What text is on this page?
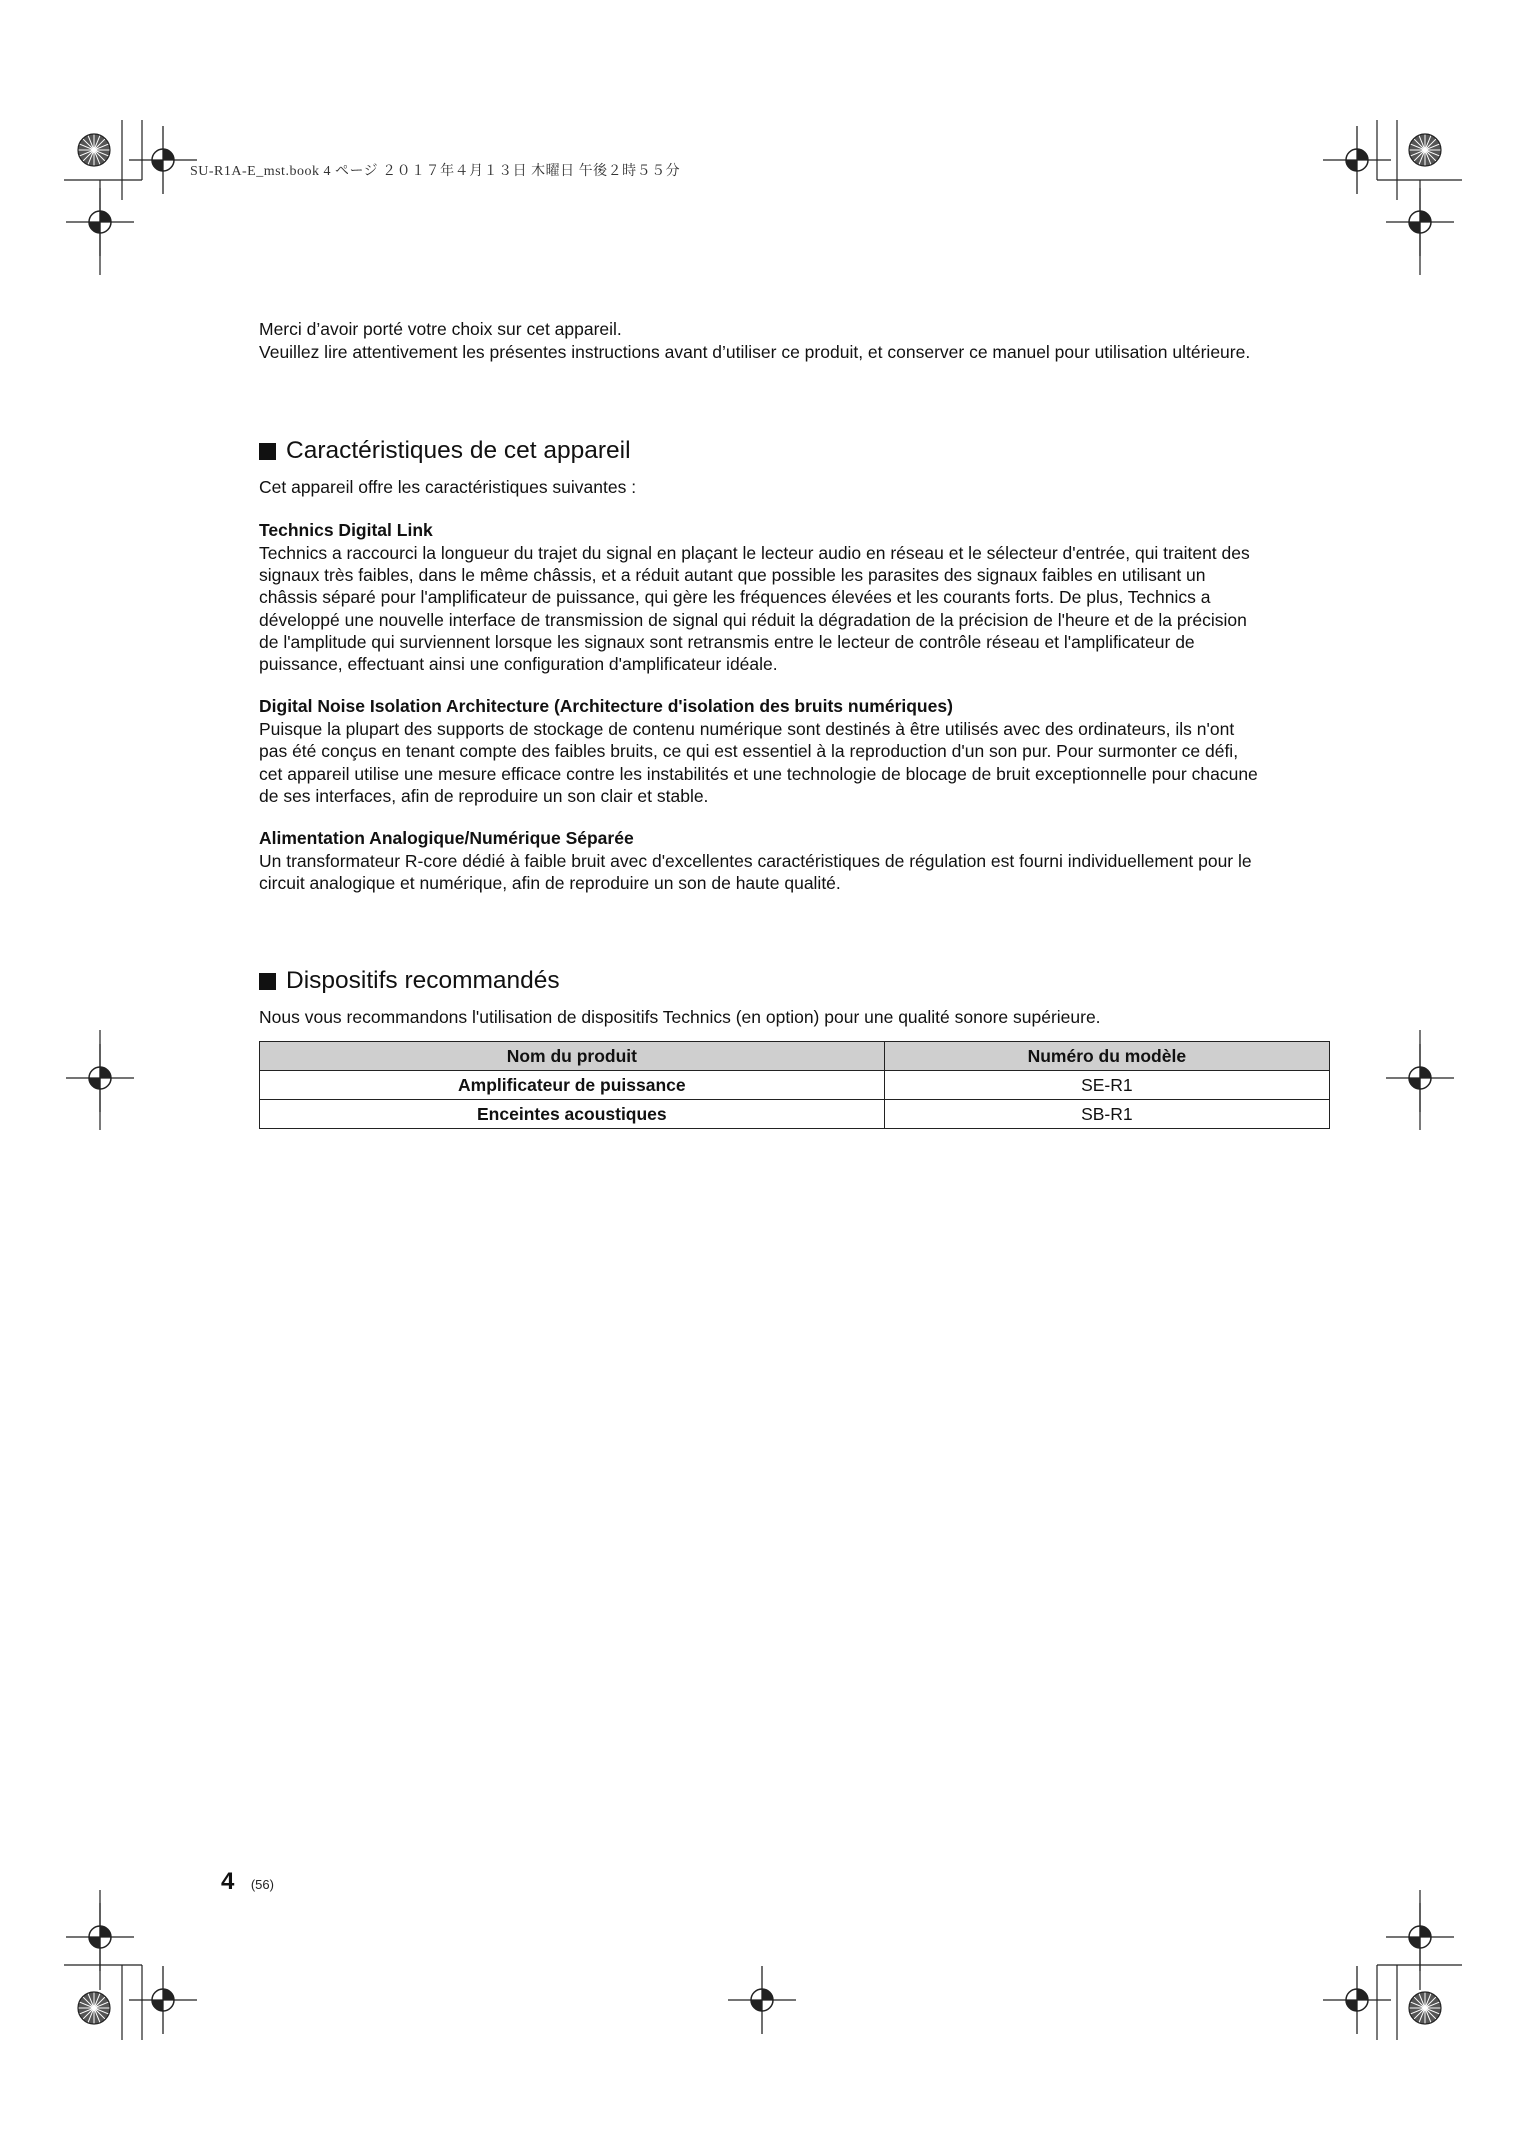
SU-R1A-E_mst.book 4 ページ ２０１７年４月１３日 木曜日 午後２時５５分

Merci d’avoir porté votre choix sur cet appareil.

Veuillez lire attentivement les présentes instructions avant d’utiliser ce produit, et conserver ce manuel pour utilisation ultérieure.

Caractéristiques de cet appareil

Cet appareil offre les caractéristiques suivantes :

Technics Digital Link

Technics a raccourci la longueur du trajet du signal en plaçant le lecteur audio en réseau et le sélecteur d'entrée, qui traitent des
signaux très faibles, dans le même châssis, et a réduit autant que possible les parasites des signaux faibles en utilisant un
châssis séparé pour l'amplificateur de puissance, qui gère les fréquences élevées et les courants forts. De plus, Technics a
développé une nouvelle interface de transmission de signal qui réduit la dégradation de la précision de l'heure et de la précision
de l'amplitude qui surviennent lorsque les signaux sont retransmis entre le lecteur de contrôle réseau et l'amplificateur de
puissance, effectuant ainsi une configuration d'amplificateur idéale.

Digital Noise Isolation Architecture (Architecture d'isolation des bruits numériques)

Puisque la plupart des supports de stockage de contenu numérique sont destinés à être utilisés avec des ordinateurs, ils n'ont
pas été conçus en tenant compte des faibles bruits, ce qui est essentiel à la reproduction d'un son pur. Pour surmonter ce défi,
cet appareil utilise une mesure efficace contre les instabilités et une technologie de blocage de bruit exceptionnelle pour chacune
de ses interfaces, afin de reproduire un son clair et stable.

Alimentation Analogique/Numérique Séparée

Un transformateur R-core dédié à faible bruit avec d'excellentes caractéristiques de régulation est fourni individuellement pour le
circuit analogique et numérique, afin de reproduire un son de haute qualité.
Dispositifs recommandés

Nous vous recommandons l'utilisation de dispositifs Technics (en option) pour une qualité sonore supérieure.

Nom du produit	Numéro du modèle
Amplificateur de puissance	SE-R1
Enceintes acoustiques	SB-R1
4 (56)
